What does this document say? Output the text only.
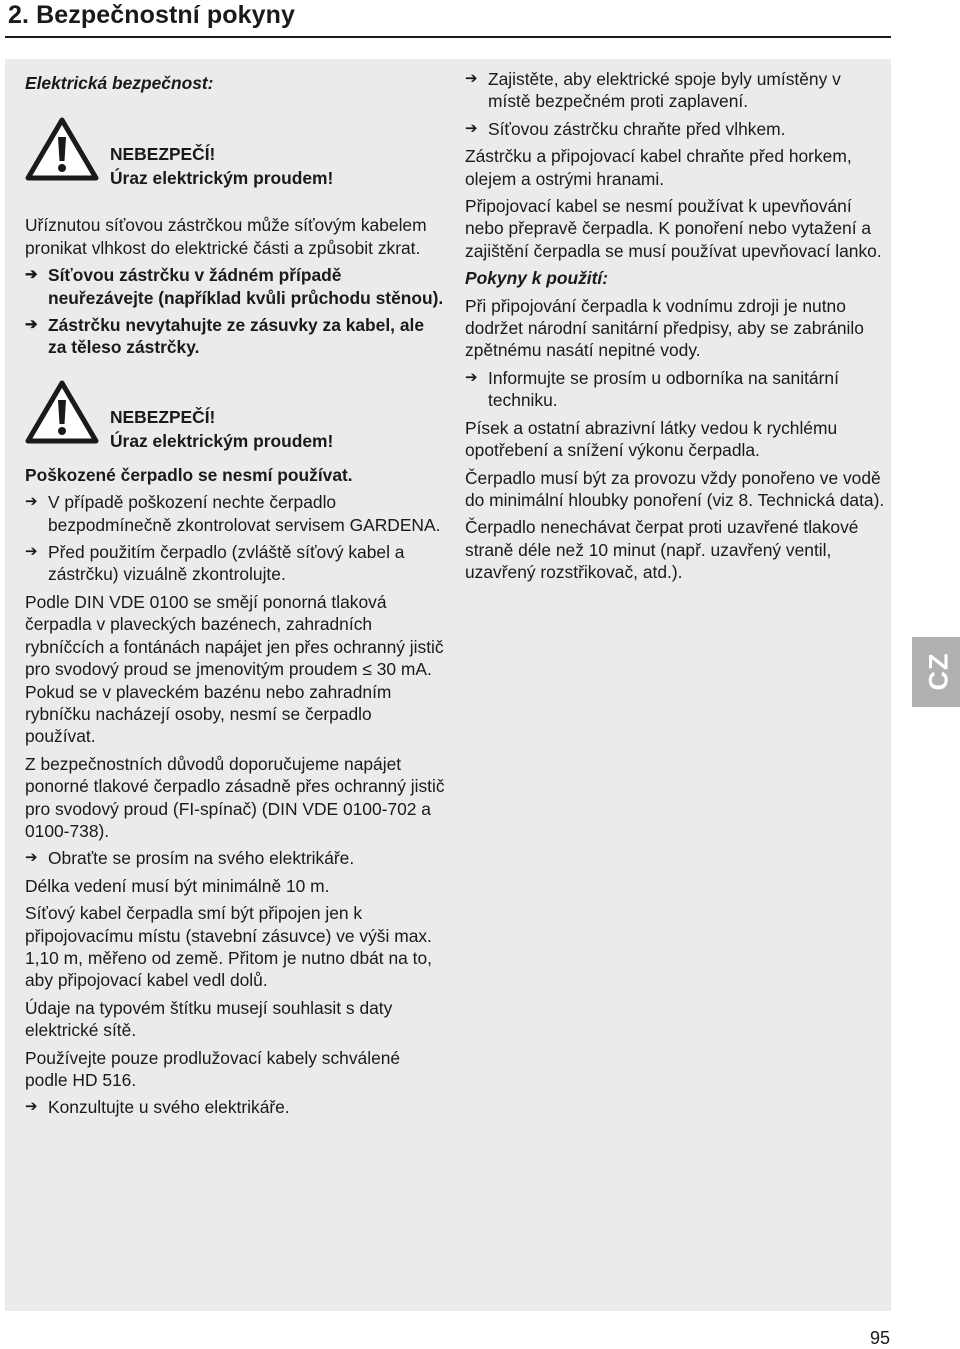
2. Bezpečnostní pokyny

Elektrická bezpečnost:

NEBEZPEČÍ!
Úraz elektrickým proudem!

Uříznutou síťovou zástrčkou může síťovým kabelem pronikat vlhkost do elektrické části a způsobit zkrat.

➔ Síťovou zástrčku v žádném případě neuřezávejte (například kvůli průchodu stěnou).

➔ Zástrčku nevytahujte ze zásuvky za kabel, ale za těleso zástrčky.

NEBEZPEČÍ!
Úraz elektrickým proudem!

Poškozené čerpadlo se nesmí používat.

➔ V případě poškození nechte čerpadlo bezpodmínečně zkontrolovat servisem GARDENA.

➔ Před použitím čerpadlo (zvláště síťový kabel a zástrčku) vizuálně zkontrolujte.

Podle DIN VDE 0100 se smějí ponorná tlaková čerpadla v plaveckých bazénech, zahradních rybníčcích a fontánách napájet jen přes ochranný jistič pro svodový proud se jmenovitým proudem ≤ 30 mA. Pokud se v plaveckém bazénu nebo zahradním rybníčku nacházejí osoby, nesmí se čerpadlo používat.

Z bezpečnostních důvodů doporučujeme napájet ponorné tlakové čerpadlo zásadně přes ochranný jistič pro svodový proud (FI-spínač) (DIN VDE 0100-702 a 0100-738).

➔ Obraťte se prosím na svého elektrikáře.

Délka vedení musí být minimálně 10 m.

Síťový kabel čerpadla smí být připojen jen k připojovacímu místu (stavební zásuvce) ve výši max. 1,10 m, měřeno od země. Přitom je nutno dbát na to, aby připojovací kabel vedl dolů.

Údaje na typovém štítku musejí souhlasit s daty elektrické sítě.

Používejte pouze prodlužovací kabely schválené podle HD 516.

➔ Konzultujte u svého elektrikáře.

➔ Zajistěte, aby elektrické spoje byly umístěny v místě bezpečném proti zaplavení.

➔ Síťovou zástrčku chraňte před vlhkem.

Zástrčku a připojovací kabel chraňte před horkem, olejem a ostrými hranami.

Připojovací kabel se nesmí používat k upevňování nebo přepravě čerpadla. K ponoření nebo vytažení a zajištění čerpadla se musí používat upevňovací lanko.

Pokyny k použití:

Při připojování čerpadla k vodnímu zdroji je nutno dodržet národní sanitární předpisy, aby se zabránilo zpětnému nasátí nepitné vody.

➔ Informujte se prosím u odborníka na sanitární techniku.

Písek a ostatní abrazivní látky vedou k rychlému opotřebení a snížení výkonu čerpadla.

Čerpadlo musí být za provozu vždy ponořeno ve vodě do minimální hloubky ponoření (viz 8. Technická data).

Čerpadlo nenechávat čerpat proti uzavřené tlakové straně déle než 10 minut (např. uzavřený ventil, uzavřený rozstřikovač, atd.).

CZ
95
